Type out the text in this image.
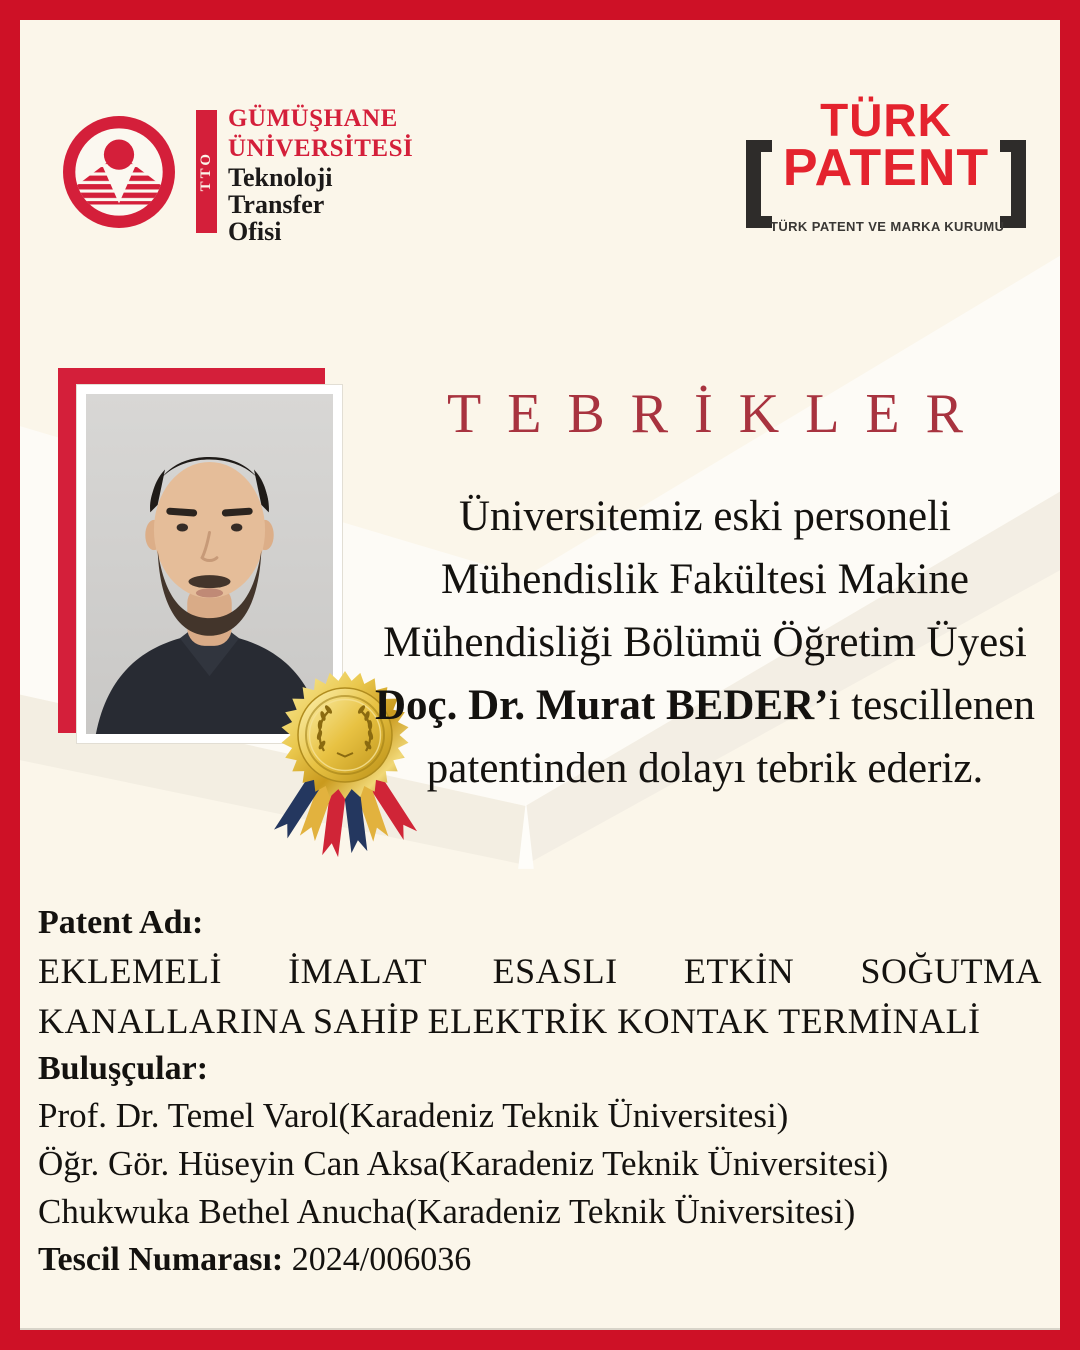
TTO
GÜMÜŞHANE
ÜNİVERSİTESİ
Teknoloji
Transfer
Ofisi
TÜRK
PATENT
TÜRK PATENT VE MARKA KURUMU
TEBRİKLER

Üniversitemiz eski personeli

Mühendislik Fakültesi Makine

Mühendisliği Bölümü Öğretim Üyesi

Doç. Dr. Murat BEDER’i tescillenen

patentinden dolayı tebrik ederiz.

Patent Adı:
EKLEMELİ İMALAT ESASLI ETKİN SOĞUTMA
KANALLARINA SAHİP ELEKTRİK KONTAK TERMİNALİ
Buluşçular:
Prof. Dr. Temel Varol(Karadeniz Teknik Üniversitesi)
Öğr. Gör. Hüseyin Can Aksa(Karadeniz Teknik Üniversitesi)
Chukwuka Bethel Anucha(Karadeniz Teknik Üniversitesi)
Tescil Numarası: 2024/006036
